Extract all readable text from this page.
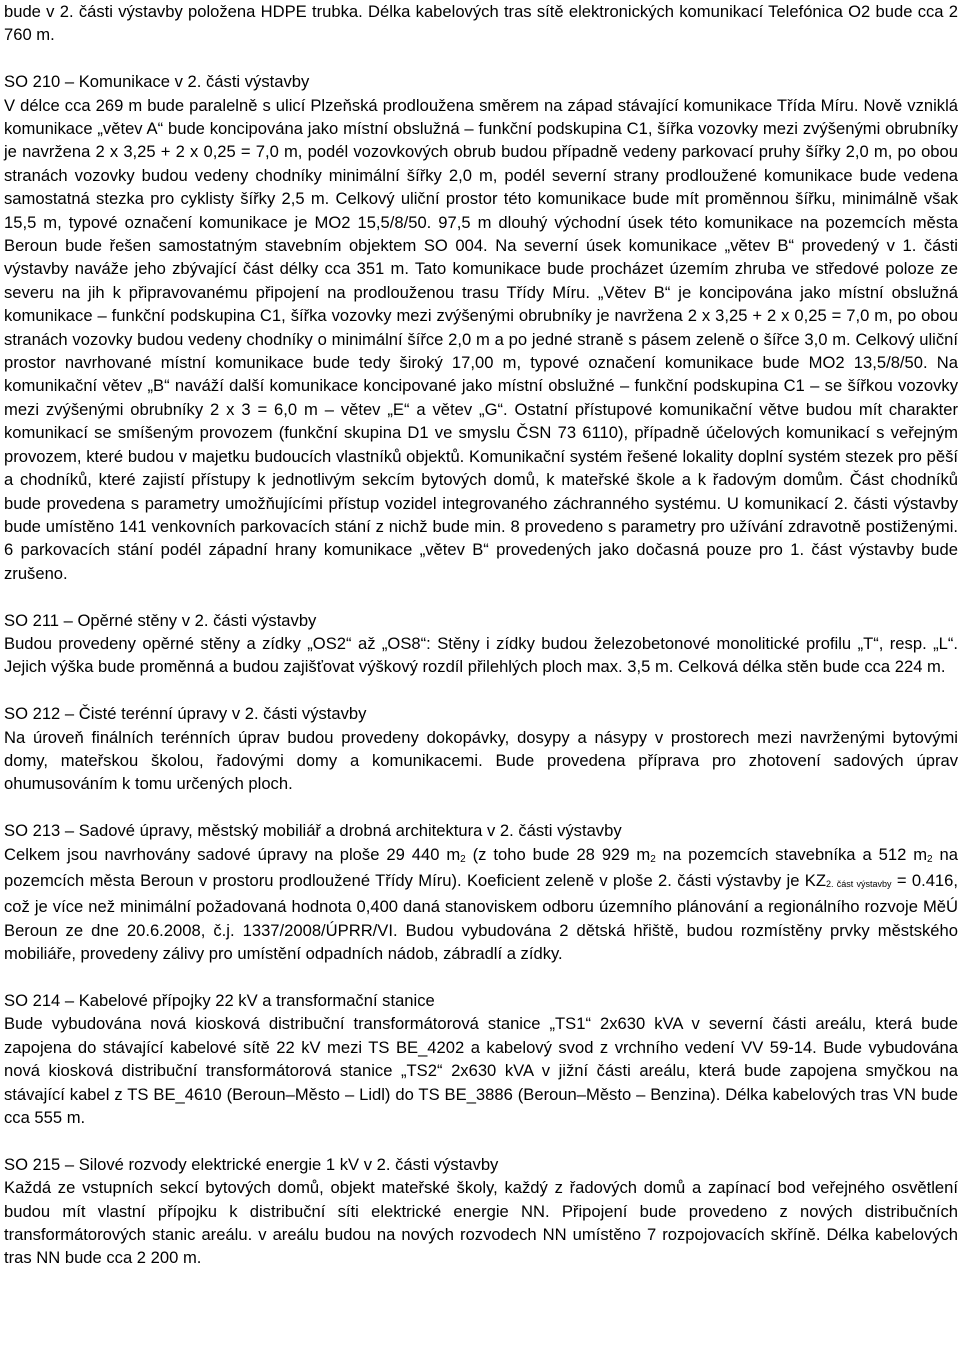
bude v 2. části výstavby položena HDPE trubka. Délka kabelových tras sítě elektronických komunikací Telefónica O2 bude cca 2 760 m.

SO 210 – Komunikace v 2. části výstavby

V délce cca 269 m bude paralelně s ulicí Plzeňská prodloužena směrem na západ stávající komunikace Třída Míru. Nově vzniklá komunikace „větev A“ bude koncipována jako místní obslužná – funkční podskupina C1, šířka vozovky mezi zvýšenými obrubníky je navržena 2 x 3,25 + 2 x 0,25 = 7,0 m, podél vozovkových obrub budou případně vedeny parkovací pruhy šířky 2,0 m, po obou stranách vozovky budou vedeny chodníky minimální šířky 2,0 m, podél severní strany prodloužené komunikace bude vedena samostatná stezka pro cyklisty šířky 2,5 m. Celkový uliční prostor této komunikace bude mít proměnnou šířku, minimálně však 15,5 m, typové označení komunikace je MO2 15,5/8/50. 97,5 m dlouhý východní úsek této komunikace na pozemcích města Beroun bude řešen samostatným stavebním objektem SO 004. Na severní úsek komunikace „větev B“ provedený v 1. části výstavby naváže jeho zbývající část délky cca 351 m. Tato komunikace bude procházet územím zhruba ve středové poloze ze severu na jih k připravovanému připojení na prodlouženou trasu Třídy Míru. „Větev B“ je koncipována jako místní obslužná komunikace – funkční podskupina C1, šířka vozovky mezi zvýšenými obrubníky je navržena 2 x 3,25 + 2 x 0,25 = 7,0 m, po obou stranách vozovky budou vedeny chodníky o minimální šířce 2,0 m a po jedné straně s pásem zeleně o šířce 3,0 m. Celkový uliční prostor navrhované místní komunikace bude tedy široký 17,00 m, typové označení komunikace bude MO2 13,5/8/50. Na komunikační větev „B“ naváží další komunikace koncipované jako místní obslužné – funkční podskupina C1 – se šířkou vozovky mezi zvýšenými obrubníky 2 x 3 = 6,0 m – větev „E“ a větev „G“. Ostatní přístupové komunikační větve budou mít charakter komunikací se smíšeným provozem (funkční skupina D1 ve smyslu ČSN 73 6110), případně účelových komunikací s veřejným provozem, které budou v majetku budoucích vlastníků objektů. Komunikační systém řešené lokality doplní systém stezek pro pěší a chodníků, které zajistí přístupy k jednotlivým sekcím bytových domů, k mateřské škole a k řadovým domům. Část chodníků bude provedena s parametry umožňujícími přístup vozidel integrovaného záchranného systému. U komunikací 2. části výstavby bude umístěno 141 venkovních parkovacích stání z nichž bude min. 8 provedeno s parametry pro užívání zdravotně postiženými. 6 parkovacích stání podél západní hrany komunikace „větev B“ provedených jako dočasná pouze pro 1. část výstavby bude zrušeno.

SO 211 – Opěrné stěny v 2. části výstavby

Budou provedeny opěrné stěny a zídky „OS2“ až „OS8“: Stěny i zídky budou železobetonové monolitické profilu „T“, resp. „L“. Jejich výška bude proměnná a budou zajišťovat výškový rozdíl přilehlých ploch max. 3,5 m. Celková délka stěn bude cca 224 m.

SO 212 – Čisté terénní úpravy v 2. části výstavby

Na úroveň finálních terénních úprav budou provedeny dokopávky, dosypy a násypy v prostorech mezi navrženými bytovými domy, mateřskou školou, řadovými domy a komunikacemi. Bude provedena příprava pro zhotovení sadových úprav ohumusováním k tomu určených ploch.

SO 213 – Sadové úpravy, městský mobiliář a drobná architektura v 2. části výstavby

Celkem jsou navrhovány sadové úpravy na ploše 29 440 $m_2$ (z toho bude 28 929 $m_2$ na pozemcích stavebníka a 512 $m_2$ na pozemcích města Beroun v prostoru prodloužené Třídy Míru). Koeficient zeleně v ploše 2. části výstavby je $KZ_{2. část výstavby} = 0.416$, což je více než minimální požadovaná hodnota 0,400 daná stanoviskem odboru územního plánování a regionálního rozvoje MěÚ Beroun ze dne 20.6.2008, č.j. 1337/2008/ÚPRR/VI. Budou vybudována 2 dětská hřiště, budou rozmístěny prvky městského mobiliáře, provedeny zálivy pro umístění odpadních nádob, zábradlí a zídky.

SO 214 – Kabelové přípojky 22 kV a transformační stanice

Bude vybudována nová kiosková distribuční transformátorová stanice „TS1“ 2x630 kVA v severní části areálu, která bude zapojena do stávající kabelové sítě 22 kV mezi TS BE_4202 a kabelový svod z vrchního vedení VV 59-14. Bude vybudována nová kiosková distribuční transformátorová stanice „TS2“ 2x630 kVA v jižní části areálu, která bude zapojena smyčkou na stávající kabel z TS BE_4610 (Beroun–Město – Lidl) do TS BE_3886 (Beroun–Město – Benzina). Délka kabelových tras VN bude cca 555 m.

SO 215 – Silové rozvody elektrické energie 1 kV v 2. části výstavby

Každá ze vstupních sekcí bytových domů, objekt mateřské školy, každý z řadových domů a zapínací bod veřejného osvětlení budou mít vlastní přípojku k distribuční síti elektrické energie NN. Připojení bude provedeno z nových distribučních transformátorových stanic areálu. v areálu budou na nových rozvodech NN umístěno 7 rozpojovacích skříně. Délka kabelových tras NN bude cca 2 200 m.
